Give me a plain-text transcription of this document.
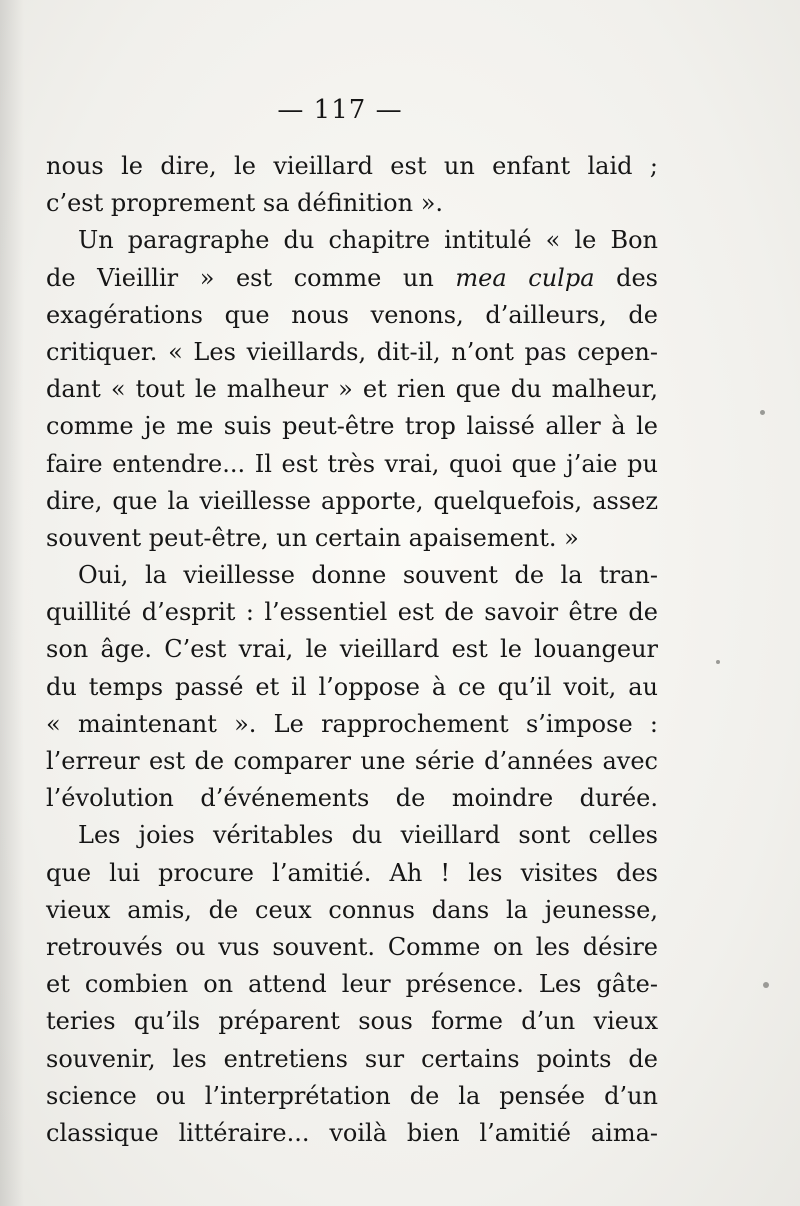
— 117 —
nous le dire, le vieillard est un enfant laid ;
c’est proprement sa définition ».
Un paragraphe du chapitre intitulé « le Bon
de Vieillir » est comme un mea culpa des
exagérations que nous venons, d’ailleurs, de
critiquer. « Les vieillards, dit-il, n’ont pas cepen-
dant « tout le malheur » et rien que du malheur,
comme je me suis peut-être trop laissé aller à le
faire entendre... Il est très vrai, quoi que j’aie pu
dire, que la vieillesse apporte, quelquefois, assez
souvent peut-être, un certain apaisement. »
Oui, la vieillesse donne souvent de la tran-
quillité d’esprit : l’essentiel est de savoir être de
son âge. C’est vrai, le vieillard est le louangeur
du temps passé et il l’oppose à ce qu’il voit, au
« maintenant ». Le rapprochement s’impose :
l’erreur est de comparer une série d’années avec
l’évolution d’événements de moindre durée.
Les joies véritables du vieillard sont celles
que lui procure l’amitié. Ah ! les visites des
vieux amis, de ceux connus dans la jeunesse,
retrouvés ou vus souvent. Comme on les désire
et combien on attend leur présence. Les gâte-
teries qu’ils préparent sous forme d’un vieux
souvenir, les entretiens sur certains points de
science ou l’interprétation de la pensée d’un
classique littéraire... voilà bien l’amitié aima-
